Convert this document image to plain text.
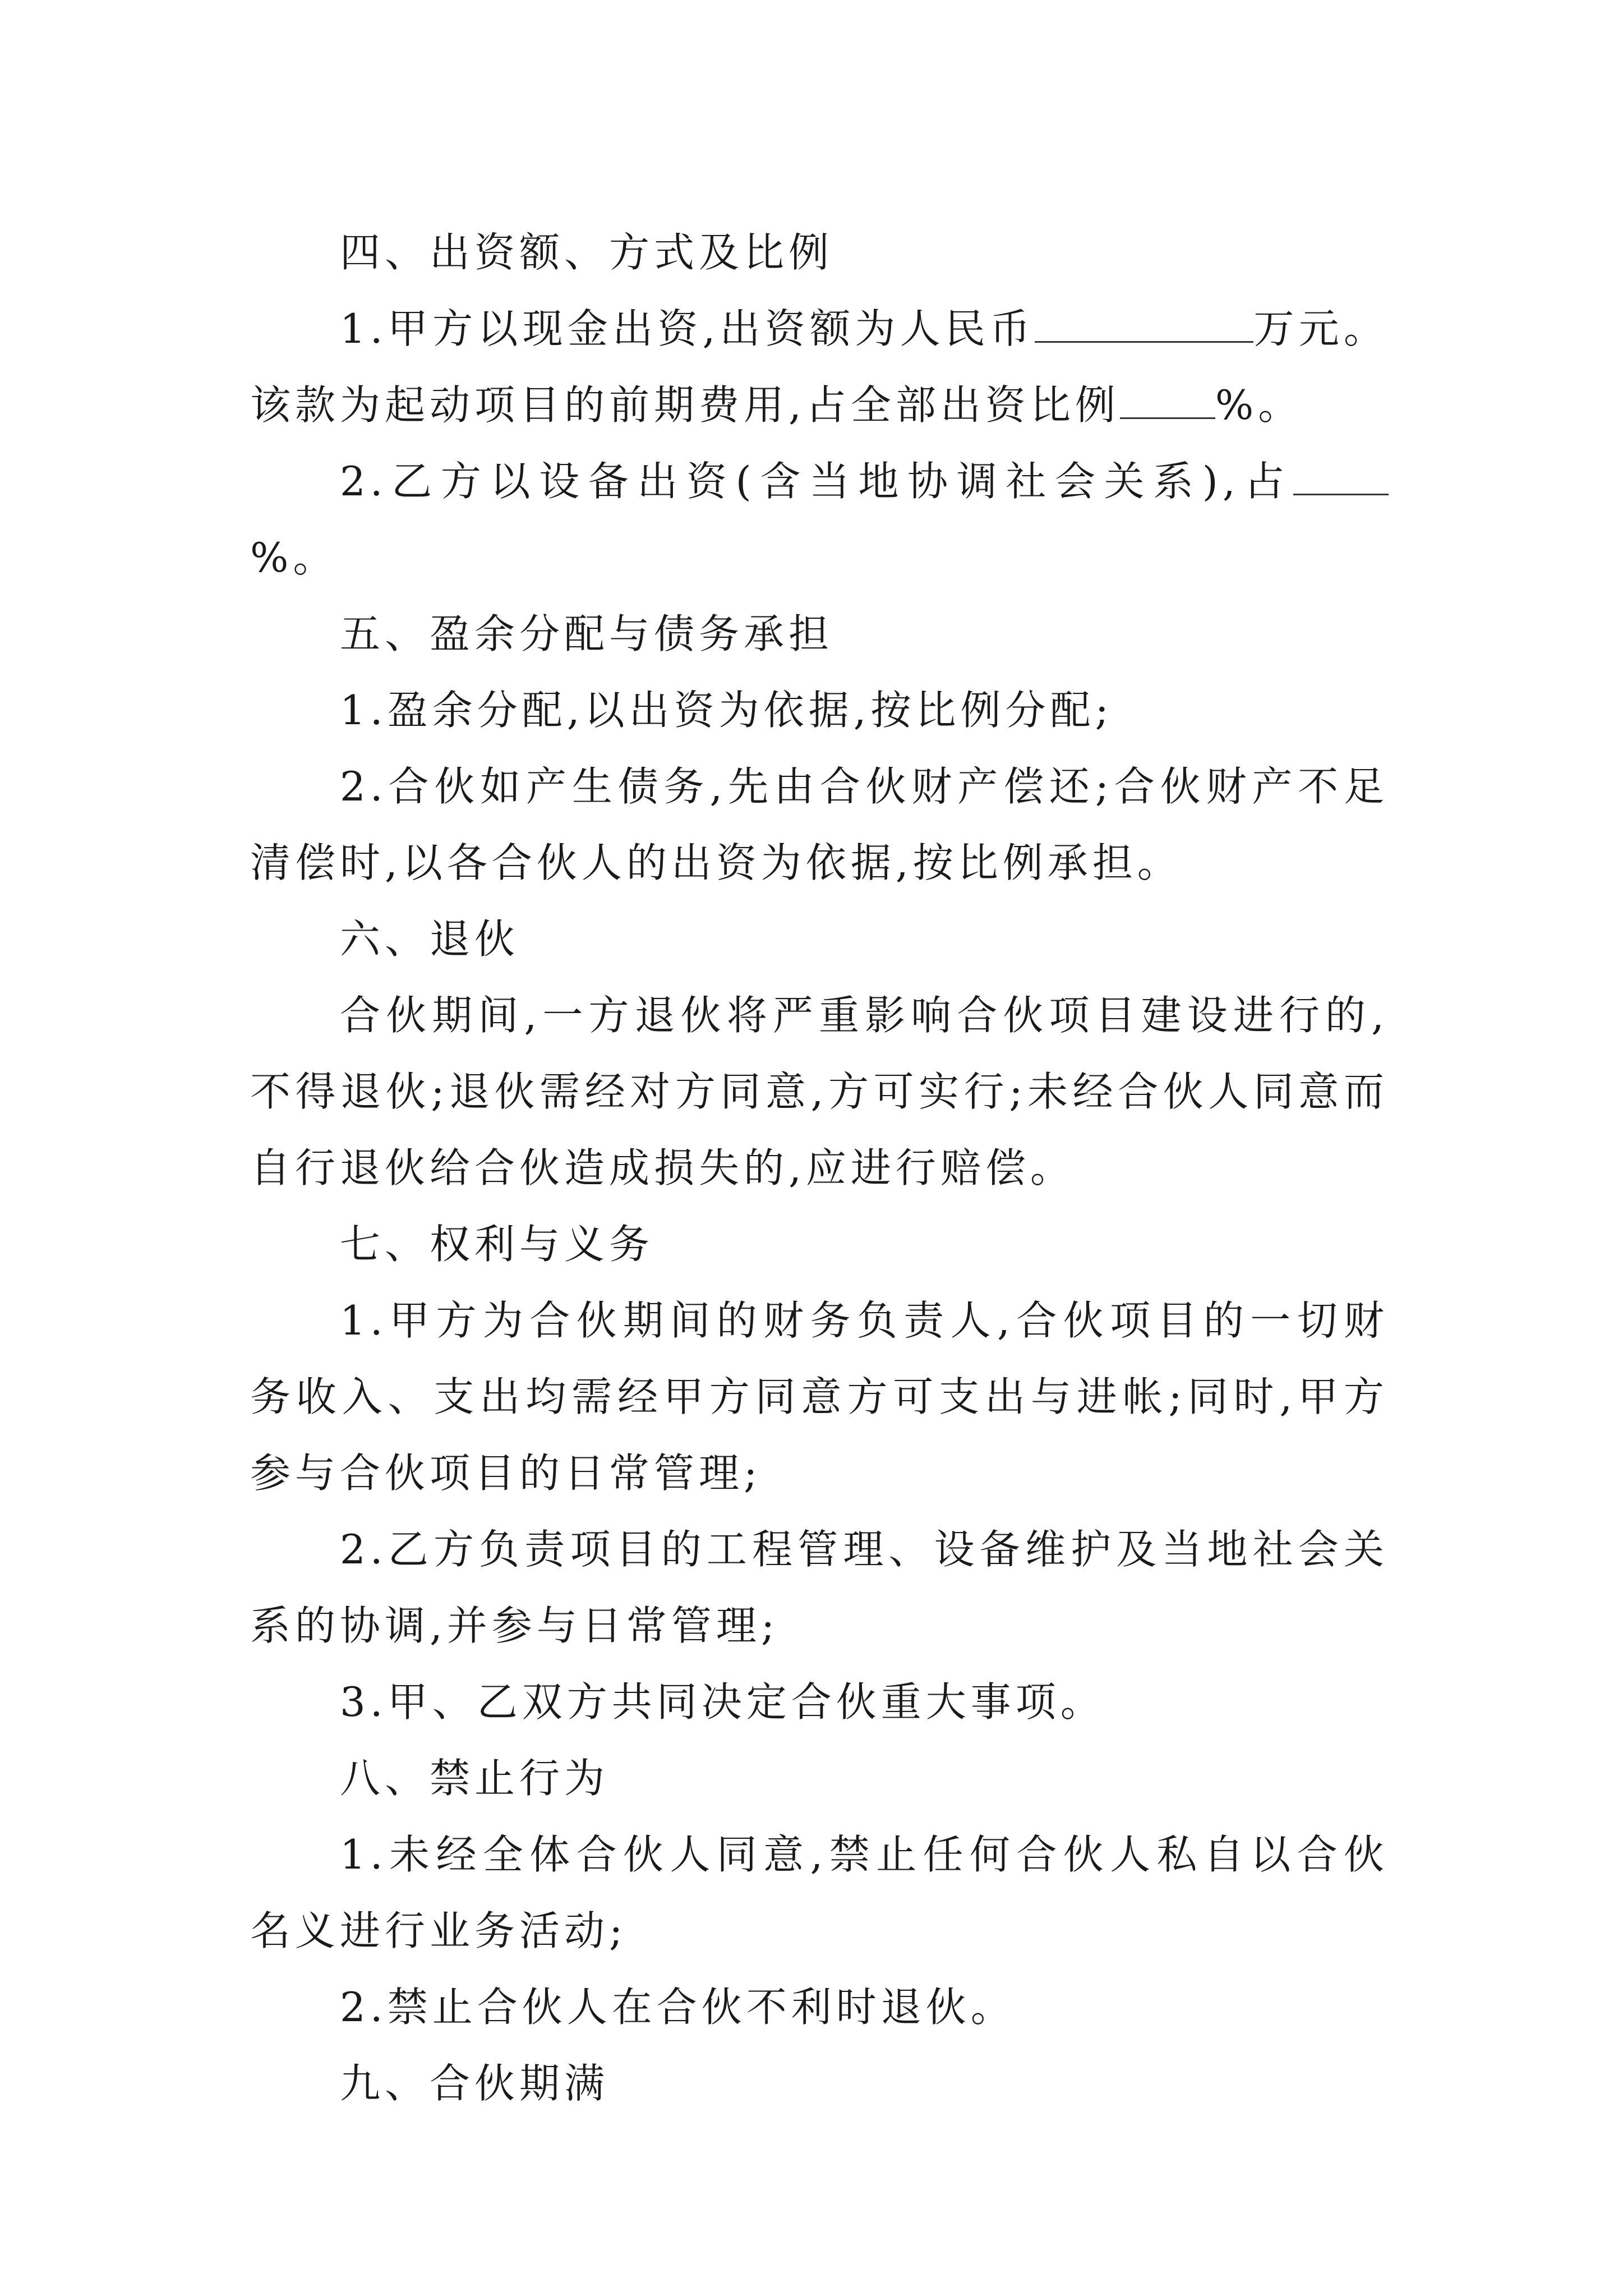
四、出资额、方式及比例

1.甲方以现金出资,出资额为人民币	万元。该款为起动项目的前期费用,占全部出资比例 %。

2.乙方以设备出资(含当地协调社会关系),占%。

五、盈余分配与债务承担

1.盈余分配,以出资为依据,按比例分配;

2.合伙如产生债务,先由合伙财产偿还;合伙财产不足清偿时,以各合伙人的出资为依据,按比例承担。

六、退伙

合伙期间,一方退伙将严重影响合伙项目建设进行的,不得退伙;退伙需经对方同意,方可实行;未经合伙人同意而自行退伙给合伙造成损失的,应进行赔偿。

七、权利与义务

1.甲方为合伙期间的财务负责人,合伙项目的一切财务收入、支出均需经甲方同意方可支出与进帐;同时,甲方参与合伙项目的日常管理;

2.乙方负责项目的工程管理、设备维护及当地社会关系的协调,并参与日常管理;

3.甲、乙双方共同决定合伙重大事项。

八、禁止行为

1.未经全体合伙人同意,禁止任何合伙人私自以合伙名义进行业务活动;

2.禁止合伙人在合伙不利时退伙。

九、合伙期满
